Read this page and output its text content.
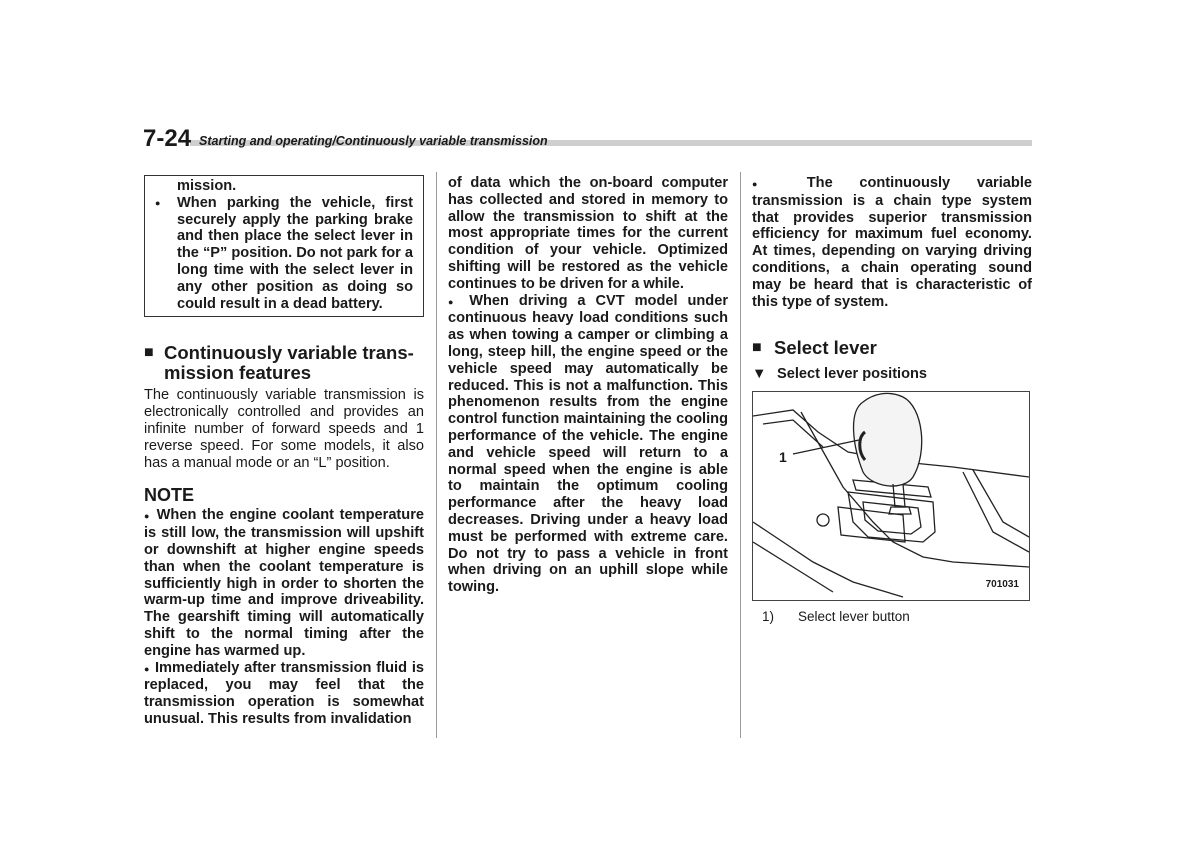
7-24 Starting and operating/Continuously variable transmission

mission.

●	When parking the vehicle, first securely apply the parking brake and then place the select lever in the “P” position. Do not park for a long time with the select lever in any other position as doing so could result in a dead battery.
■ Continuously variable trans-
mission features

The continuously variable transmission is electronically controlled and provides an infinite number of forward speeds and 1 reverse speed. For some models, it also has a manual mode or an “L” position.

NOTE
● When the engine coolant temperature is still low, the transmission will upshift or downshift at higher engine speeds than when the coolant temperature is sufficiently high in order to shorten the warm-up time and improve driveability. The gearshift timing will automatically shift to the normal timing after the engine has warmed up.
● Immediately after transmission fluid is replaced, you may feel that the transmission operation is somewhat unusual. This results from invalidation
of data which the on-board computer has collected and stored in memory to allow the transmission to shift at the most appropriate times for the current condition of your vehicle. Optimized shifting will be restored as the vehicle continues to be driven for a while.
● When driving a CVT model under continuous heavy load conditions such as when towing a camper or climbing a long, steep hill, the engine speed or the vehicle speed may automatically be reduced. This is not a malfunction. This phenomenon results from the engine control function maintaining the cooling performance of the vehicle. The engine and vehicle speed will return to a normal speed when the engine is able to maintain the optimum cooling performance after the heavy load decreases. Driving under a heavy load must be performed with extreme care. Do not try to pass a vehicle in front when driving on an uphill slope while towing.
● The continuously variable transmission is a chain type system that provides superior transmission efficiency for maximum fuel economy. At times, depending on varying driving conditions, a chain operating sound may be heard that is characteristic of this type of system.
■ Select lever
▼ Select lever positions
1
701031
1)	Select lever button
